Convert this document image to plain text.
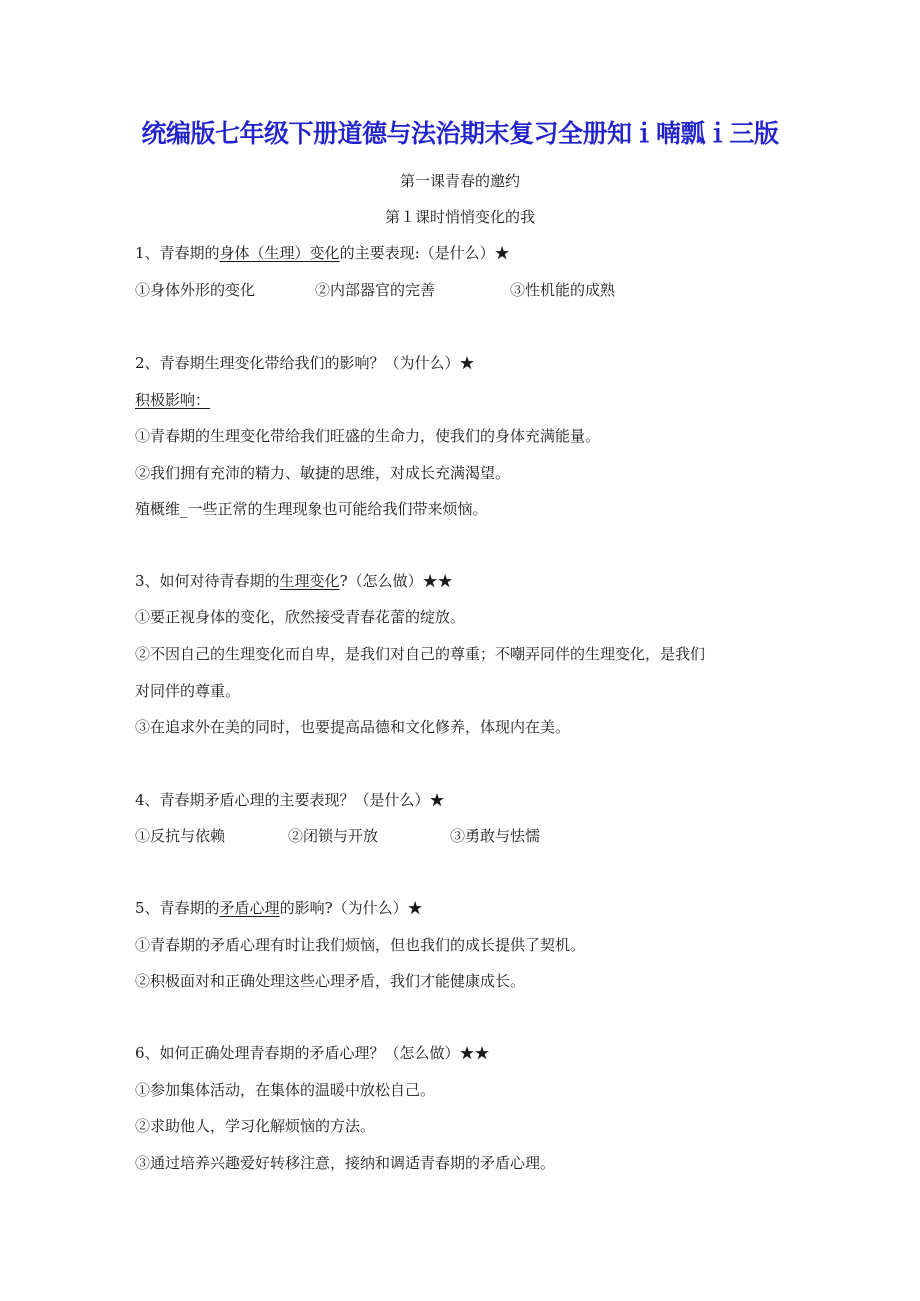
统编版七年级下册道德与法治期末复习全册知ｉ喃瓢ｉ三版
第一课青春的邀约
第１课时悄悄变化的我
1、青春期的身体（生理）变化的主要表现:（是什么）★
①身体外形的变化	②内部器官的完善	③性机能的成熟
2、青春期生理变化带给我们的影响？（为什么）★
积极影响：
①青春期的生理变化带给我们旺盛的生命力，使我们的身体充满能量。
②我们拥有充沛的精力、敏捷的思维，对成长充满渴望。
殖概维_一些正常的生理现象也可能给我们带来烦恼。
3、如何对待青春期的生理变化?（怎么做）★★
①要正视身体的变化，欣然接受青春花蕾的绽放。
②不因自己的生理变化而自卑，是我们对自己的尊重；不嘲弄同伴的生理变化，是我们
对同伴的尊重。
③在追求外在美的同时，也要提高品德和文化修养，体现内在美。
4、青春期矛盾心理的主要表现？（是什么）★
①反抗与依赖	②闭锁与开放	③勇敢与怯懦
5、青春期的矛盾心理的影响?（为什么）★
①青春期的矛盾心理有时让我们烦恼，但也我们的成长提供了契机。
②积极面对和正确处理这些心理矛盾，我们才能健康成长。
6、如何正确处理青春期的矛盾心理？（怎么做）★★
①参加集体活动，在集体的温暖中放松自己。
②求助他人，学习化解烦恼的方法。
③通过培养兴趣爱好转移注意，接纳和调适青春期的矛盾心理。
